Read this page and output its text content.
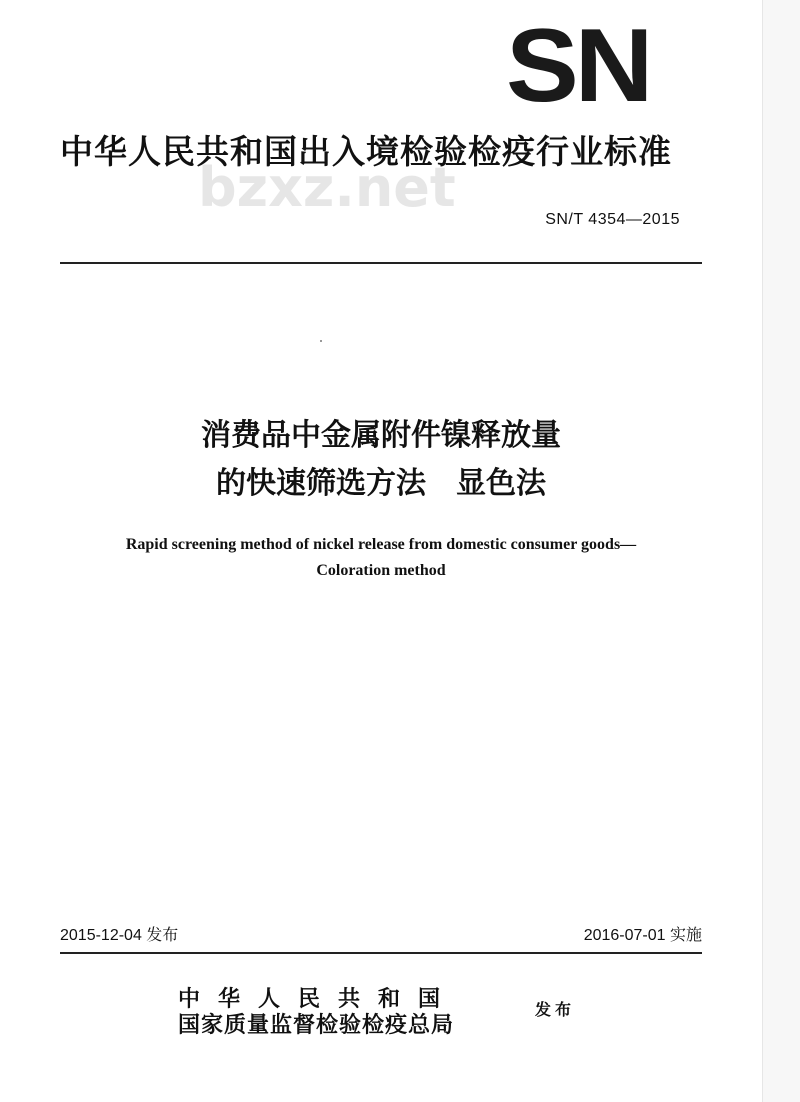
SN
中华人民共和国出入境检验检疫行业标准
bzxz.net
SN/T 4354—2015
消费品中金属附件镍释放量
的快速筛选方法　显色法
Rapid screening method of nickel release from domestic consumer goods—
Coloration method
2015-12-04 发布	2016-07-01 实施
中华人民共和国
国家质量监督检验检疫总局
发布
